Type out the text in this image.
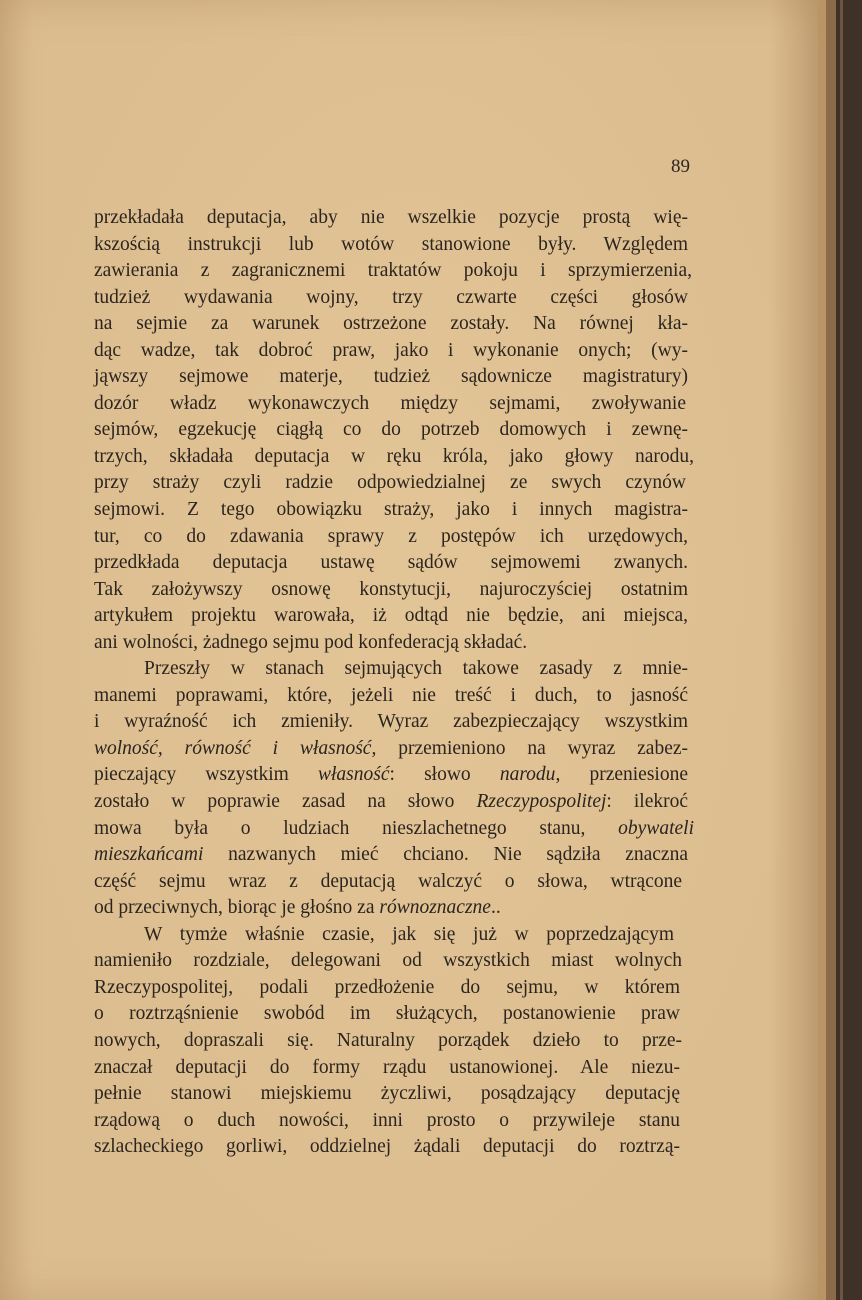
89
przekładała deputacja, aby nie wszelkie pozycje prostą wię-
kszością instrukcji lub wotów stanowione były. Względem
zawierania z zagranicznemi traktatów pokoju i sprzymierzenia,
tudzież wydawania wojny, trzy czwarte części głosów
na sejmie za warunek ostrzeżone zostały. Na równej kła-
dąc wadze, tak dobroć praw, jako i wykonanie onych; (wy-
jąwszy sejmowe materje, tudzież sądownicze magistratury)
dozór władz wykonawczych między sejmami, zwoływanie
sejmów, egzekucję ciągłą co do potrzeb domowych i zewnę-
trzych, składała deputacja w ręku króla, jako głowy narodu,
przy straży czyli radzie odpowiedzialnej ze swych czynów
sejmowi. Z tego obowiązku straży, jako i innych magistra-
tur, co do zdawania sprawy z postępów ich urzędowych,
przedkłada deputacja ustawę sądów sejmowemi zwanych.
Tak założywszy osnowę konstytucji, najuroczyściej ostatnim
artykułem projektu warowała, iż odtąd nie będzie, ani miejsca,
ani wolności, żadnego sejmu pod konfederacją składać.
Przeszły w stanach sejmujących takowe zasady z mnie-
manemi poprawami, które, jeżeli nie treść i duch, to jasność
i wyraźność ich zmieniły. Wyraz zabezpieczający wszystkim
wolność, równość i własność, przemieniono na wyraz zabez-
pieczający wszystkim własność: słowo narodu, przeniesione
zostało w poprawie zasad na słowo Rzeczypospolitej: ilekroć
mowa była o ludziach nieszlachetnego stanu, obywateli
mieszkańcami nazwanych mieć chciano. Nie sądziła znaczna
część sejmu wraz z deputacją walczyć o słowa, wtrącone
od przeciwnych, biorąc je głośno za równoznaczne..
W tymże właśnie czasie, jak się już w poprzedzającym
namieniło rozdziale, delegowani od wszystkich miast wolnych
Rzeczypospolitej, podali przedłożenie do sejmu, w którem
o roztrząśnienie swobód im służących, postanowienie praw
nowych, dopraszali się. Naturalny porządek dzieło to prze-
znaczał deputacji do formy rządu ustanowionej. Ale niezu-
pełnie stanowi miejskiemu życzliwi, posądzający deputację
rządową o duch nowości, inni prosto o przywileje stanu
szlacheckiego gorliwi, oddzielnej żądali deputacji do roztrzą-
